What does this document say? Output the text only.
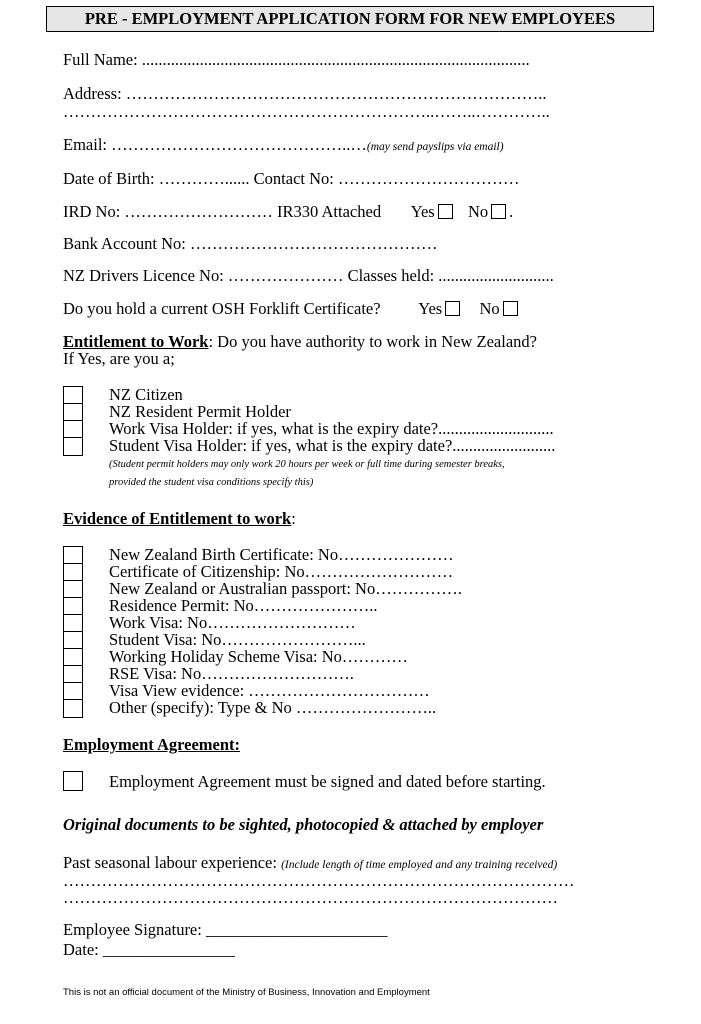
PRE - EMPLOYMENT APPLICATION FORM FOR NEW EMPLOYEES
Full Name: ..............................................................................................
Address: …………………………………………………………………..
…………………………………………………………..……..…………..
Email: ……………………………………..…(may send payslips via email)
Date of Birth: …………...... Contact No: ……………………………
IRD No: ……………………… IR330 Attached Yes No .
Bank Account No: ………………………………………
NZ Drivers Licence No: ………………… Classes held: ............................
Do you hold a current OSH Forklift Certificate? Yes No
Entitlement to Work: Do you have authority to work in New Zealand?
If Yes, are you a;
NZ Citizen
NZ Resident Permit Holder
Work Visa Holder: if yes, what is the expiry date?............................
Student Visa Holder: if yes, what is the expiry date?.........................
(Student permit holders may only work 20 hours per week or full time during semester breaks,
provided the student visa conditions specify this)
Evidence of Entitlement to work:
New Zealand Birth Certificate: No…………………
Certificate of Citizenship: No………………………
New Zealand or Australian passport: No…………….
Residence Permit: No…………………..
Work Visa: No………………………
Student Visa: No……………………...
Working Holiday Scheme Visa: No…………
RSE Visa: No……………………….
Visa View evidence: ……………………………
Other (specify): Type & No ……………………..
Employment Agreement:
Employment Agreement must be signed and dated before starting.
Original documents to be sighted, photocopied & attached by employer
Past seasonal labour experience: (Include length of time employed and any training received)
…………………………………………………………………………………
………………………………………………………………………………
Employee Signature: ______________________
Date: ________________
This is not an official document of the Ministry of Business, Innovation and Employment
